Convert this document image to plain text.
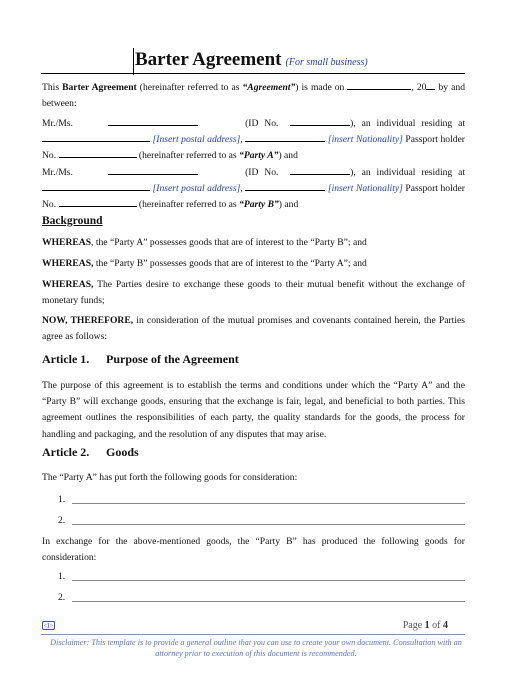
Barter Agreement (For small business)

This Barter Agreement (hereinafter referred to as “Agreement”) is made on	, 20 by and between:

Mr./Ms.	(ID No.	), an individual residing at  [Insert postal address],	[insert Nationality] Passport holder No.	(hereinafter referred to as “Party A”) and

Mr./Ms.	(ID No.	), an individual residing at  [Insert postal address],	[insert Nationality] Passport holder No.	(hereinafter referred to as “Party B”) and

Background

WHEREAS, the “Party A” possesses goods that are of interest to the “Party B”; and

WHEREAS, the “Party B” possesses goods that are of interest to the “Party A”; and

WHEREAS, The Parties desire to exchange these goods to their mutual benefit without the exchange of monetary funds;

NOW, THEREFORE, in consideration of the mutual promises and covenants contained herein, the Parties agree as follows:

Article 1. Purpose of the Agreement

The purpose of this agreement is to establish the terms and conditions under which the “Party A” and the “Party B” will exchange goods, ensuring that the exchange is fair, legal, and beneficial to both parties. This agreement outlines the responsibilities of each party, the quality standards for the goods, the process for handling and packaging, and the resolution of any disputes that may arise.

Article 2. Goods

The “Party A” has put forth the following goods for consideration:

1.
2.

In exchange for the above-mentioned goods, the “Party B” has produced the following goods for consideration:

1.
2.
◁▷	Page 1 of 4
Disclaimer: This template is to provide a general outline that you can use to create your own document. Consultation with an attorney prior to execution of this document is recommended.
